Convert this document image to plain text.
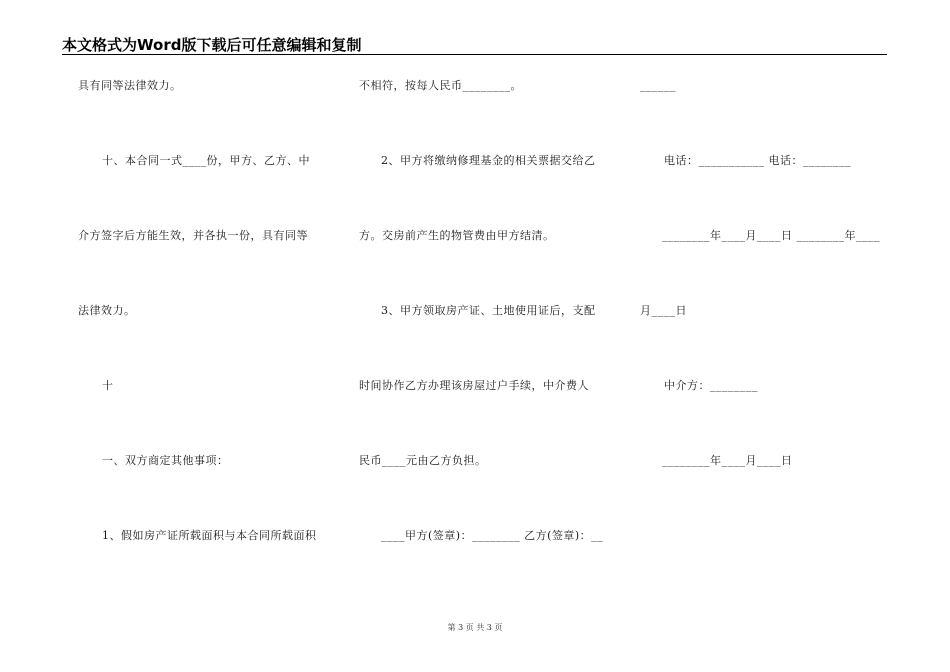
本文格式为Word版下载后可任意编辑和复制
具有同等法律效力。
十、本合同一式____份，甲方、乙方、中
介方签字后方能生效，并各执一份，具有同等
法律效力。
十
一、双方商定其他事项：
1、假如房产证所载面积与本合同所载面积
不相符，按每人民币________。
2、甲方将缴纳修理基金的相关票据交给乙
方。交房前产生的物管费由甲方结清。
3、甲方领取房产证、土地使用证后，支配
时间协作乙方办理该房屋过户手续，中介费人
民币____元由乙方负担。
____甲方(签章)：________ 乙方(签章)：__
______
电话：___________ 电话：________
________年____月____日 ________年____
月____日
中介方：________
________年____月____日
第 3 页 共 3 页
